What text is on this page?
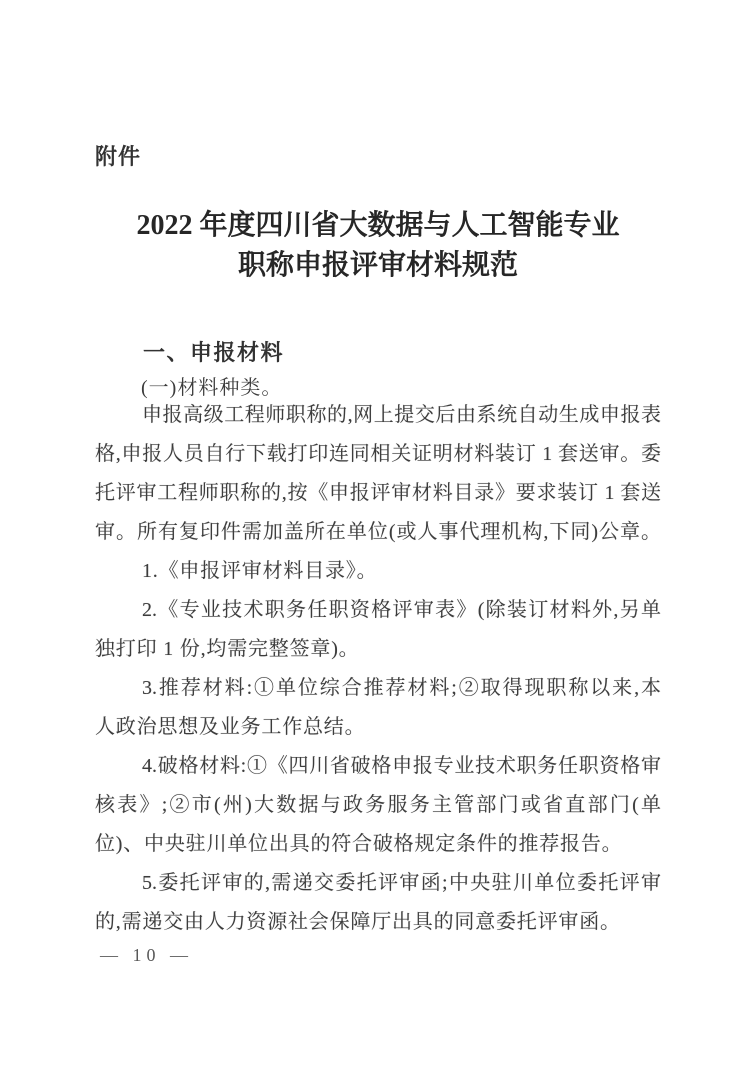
附件
2022 年度四川省大数据与人工智能专业
职称申报评审材料规范
一、申报材料
(一)材料种类。
申报高级工程师职称的,网上提交后由系统自动生成申报表
格,申报人员自行下载打印连同相关证明材料装订 1 套送审。委
托评审工程师职称的,按《申报评审材料目录》要求装订 1 套送
审。所有复印件需加盖所在单位(或人事代理机构,下同)公章。
1.《申报评审材料目录》。
2.《专业技术职务任职资格评审表》(除装订材料外,另单
独打印 1 份,均需完整签章)。
3.推荐材料:①单位综合推荐材料;②取得现职称以来,本
人政治思想及业务工作总结。
4.破格材料:①《四川省破格申报专业技术职务任职资格审
核表》;②市(州)大数据与政务服务主管部门或省直部门(单
位)、中央驻川单位出具的符合破格规定条件的推荐报告。
5.委托评审的,需递交委托评审函;中央驻川单位委托评审
的,需递交由人力资源社会保障厅出具的同意委托评审函。
— 10 —
